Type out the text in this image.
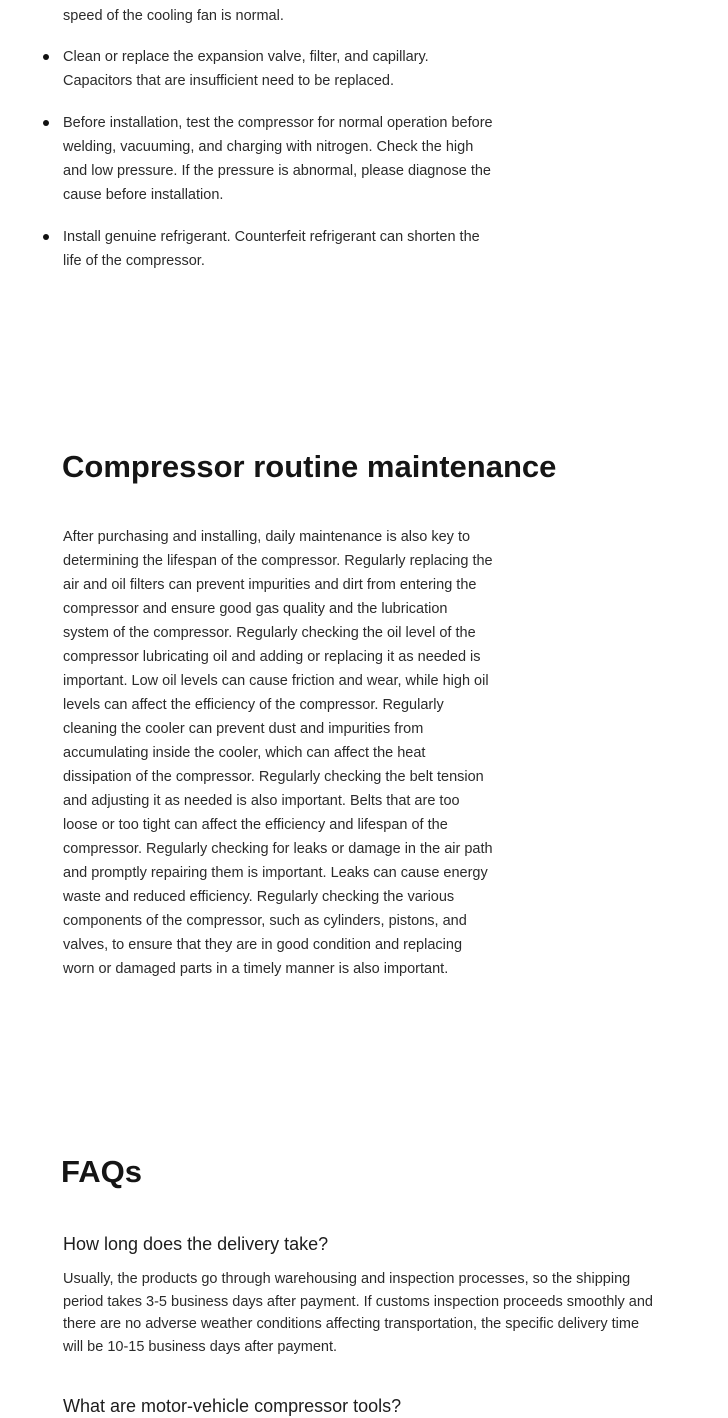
speed of the cooling fan is normal.

Clean or replace the expansion valve, filter, and capillary. Capacitors that are insufficient need to be replaced.
Before installation, test the compressor for normal operation before welding, vacuuming, and charging with nitrogen. Check the high and low pressure. If the pressure is abnormal, please diagnose the cause before installation.
Install genuine refrigerant. Counterfeit refrigerant can shorten the life of the compressor.
Compressor routine maintenance

After purchasing and installing, daily maintenance is also key to determining the lifespan of the compressor. Regularly replacing the air and oil filters can prevent impurities and dirt from entering the compressor and ensure good gas quality and the lubrication system of the compressor. Regularly checking the oil level of the compressor lubricating oil and adding or replacing it as needed is important. Low oil levels can cause friction and wear, while high oil levels can affect the efficiency of the compressor. Regularly cleaning the cooler can prevent dust and impurities from accumulating inside the cooler, which can affect the heat dissipation of the compressor. Regularly checking the belt tension and adjusting it as needed is also important. Belts that are too loose or too tight can affect the efficiency and lifespan of the compressor. Regularly checking for leaks or damage in the air path and promptly repairing them is important. Leaks can cause energy waste and reduced efficiency. Regularly checking the various components of the compressor, such as cylinders, pistons, and valves, to ensure that they are in good condition and replacing worn or damaged parts in a timely manner is also important.

FAQs
How long does the delivery take?

Usually, the products go through warehousing and inspection processes, so the shipping period takes 3-5 business days after payment. If customs inspection proceeds smoothly and there are no adverse weather conditions affecting transportation, the specific delivery time will be 10-15 business days after payment.

What are motor-vehicle compressor tools?
